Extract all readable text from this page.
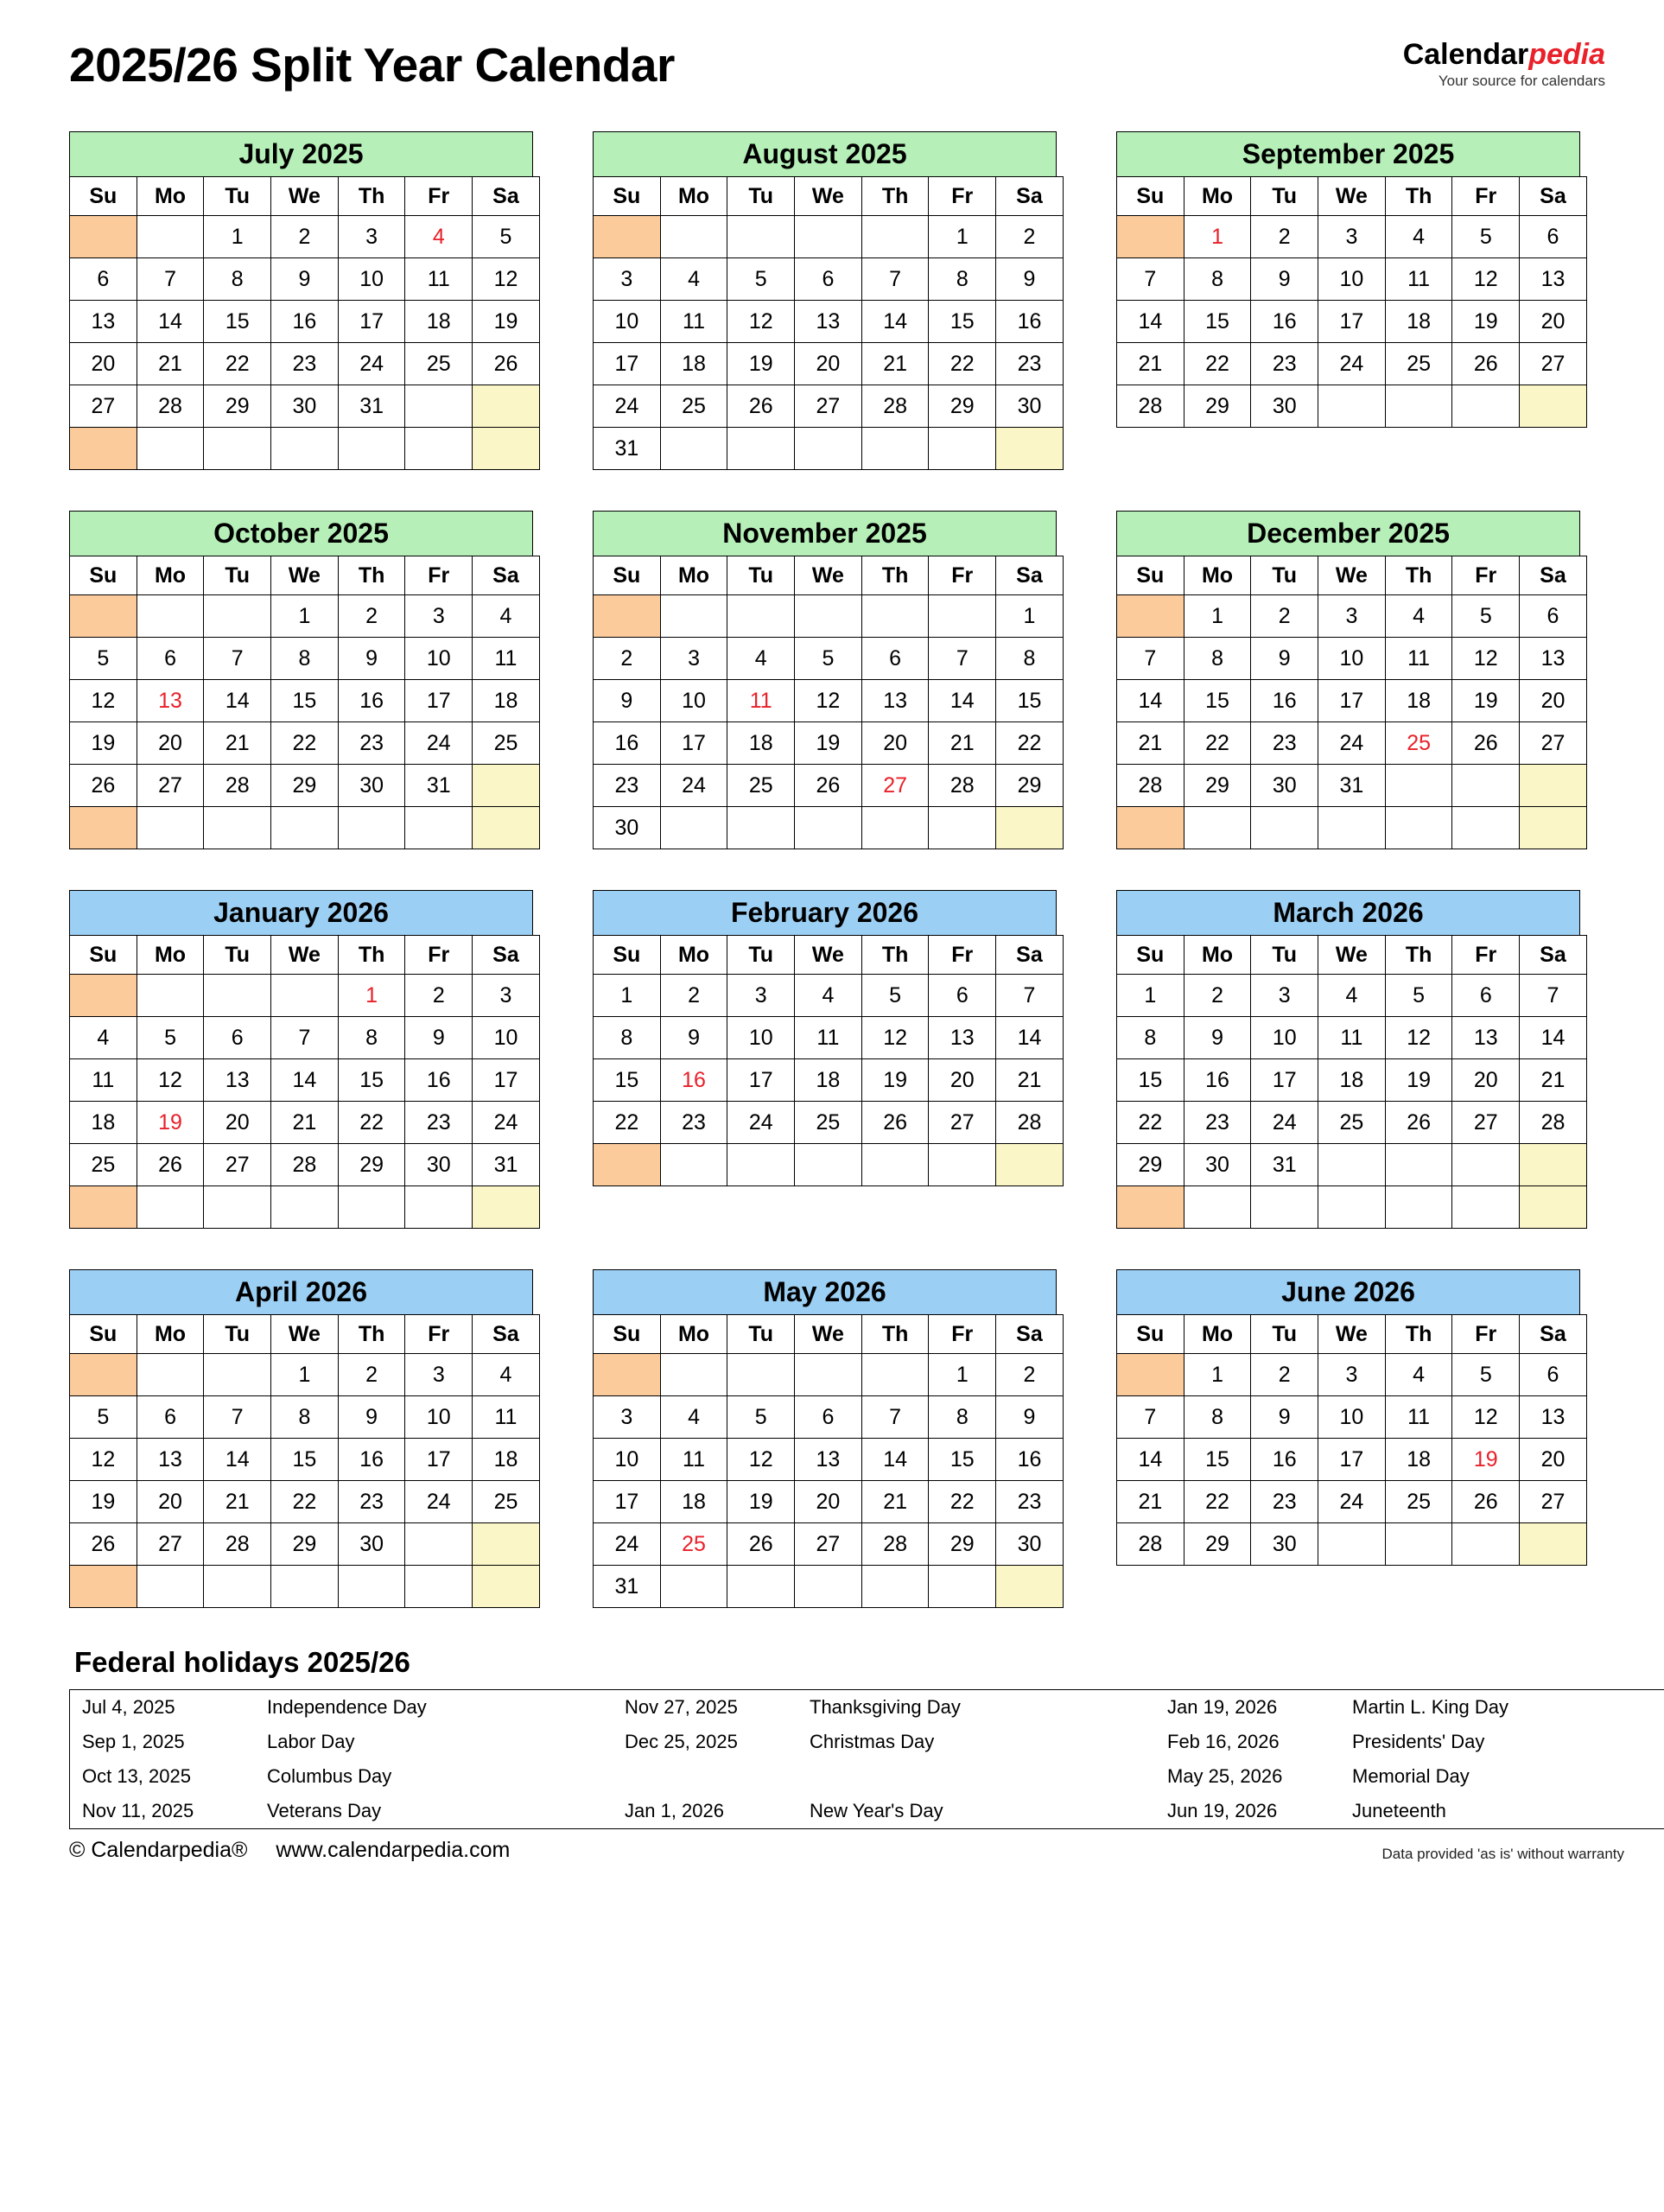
2025/26 Split Year Calendar	Calendarpedia
Your source for calendars
July 2025
Su	Mo	Tu	We	Th	Fr	Sa
		1	2	3	4	5
6	7	8	9	10	11	12
13	14	15	16	17	18	19
20	21	22	23	24	25	26
27	28	29	30	31		

August 2025
Su	Mo	Tu	We	Th	Fr	Sa
					1	2
3	4	5	6	7	8	9
10	11	12	13	14	15	16
17	18	19	20	21	22	23
24	25	26	27	28	29	30
31						
September 2025
Su	Mo	Tu	We	Th	Fr	Sa
	1	2	3	4	5	6
7	8	9	10	11	12	13
14	15	16	17	18	19	20
21	22	23	24	25	26	27
28	29	30				
October 2025
Su	Mo	Tu	We	Th	Fr	Sa
			1	2	3	4
5	6	7	8	9	10	11
12	13	14	15	16	17	18
19	20	21	22	23	24	25
26	27	28	29	30	31	

November 2025
Su	Mo	Tu	We	Th	Fr	Sa
						1
2	3	4	5	6	7	8
9	10	11	12	13	14	15
16	17	18	19	20	21	22
23	24	25	26	27	28	29
30						
December 2025
Su	Mo	Tu	We	Th	Fr	Sa
	1	2	3	4	5	6
7	8	9	10	11	12	13
14	15	16	17	18	19	20
21	22	23	24	25	26	27
28	29	30	31			

January 2026
Su	Mo	Tu	We	Th	Fr	Sa
				1	2	3
4	5	6	7	8	9	10
11	12	13	14	15	16	17
18	19	20	21	22	23	24
25	26	27	28	29	30	31

February 2026
Su	Mo	Tu	We	Th	Fr	Sa
1	2	3	4	5	6	7
8	9	10	11	12	13	14
15	16	17	18	19	20	21
22	23	24	25	26	27	28

March 2026
Su	Mo	Tu	We	Th	Fr	Sa
1	2	3	4	5	6	7
8	9	10	11	12	13	14
15	16	17	18	19	20	21
22	23	24	25	26	27	28
29	30	31				

April 2026
Su	Mo	Tu	We	Th	Fr	Sa
			1	2	3	4
5	6	7	8	9	10	11
12	13	14	15	16	17	18
19	20	21	22	23	24	25
26	27	28	29	30		

May 2026
Su	Mo	Tu	We	Th	Fr	Sa
					1	2
3	4	5	6	7	8	9
10	11	12	13	14	15	16
17	18	19	20	21	22	23
24	25	26	27	28	29	30
31						
June 2026
Su	Mo	Tu	We	Th	Fr	Sa
	1	2	3	4	5	6
7	8	9	10	11	12	13
14	15	16	17	18	19	20
21	22	23	24	25	26	27
28	29	30				
Federal holidays 2025/26
Jul 4, 2025	Independence Day	Nov 27, 2025	Thanksgiving Day	Jan 19, 2026	Martin L. King Day
Sep 1, 2025	Labor Day	Dec 25, 2025	Christmas Day	Feb 16, 2026	Presidents' Day
Oct 13, 2025	Columbus Day			May 25, 2026	Memorial Day
Nov 11, 2025	Veterans Day	Jan 1, 2026	New Year's Day	Jun 19, 2026	Juneteenth
© Calendarpedia® www.calendarpedia.com	Data provided 'as is' without warranty
